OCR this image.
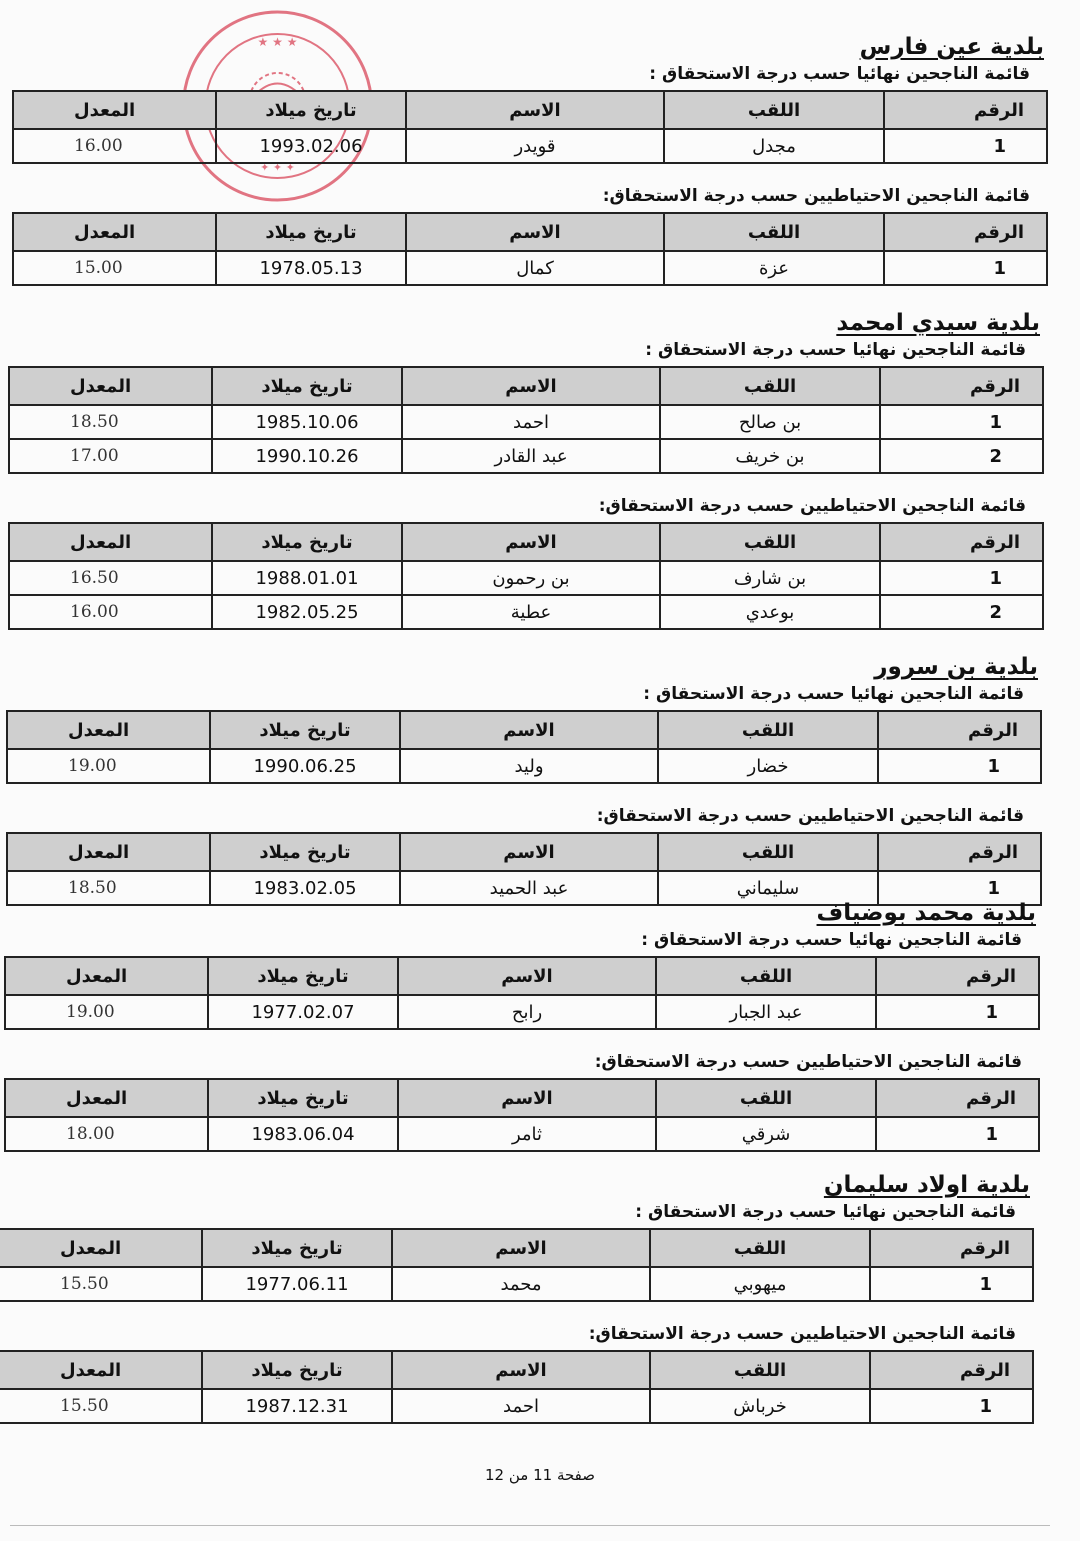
★ ★ ★
✦ ✦ ✦
بلدية عين فارس
قائمة الناجحين نهائيا حسب درجة الاستحقاق :
الرقم	اللقب	الاسم	تاريخ ميلاد	المعدل
1	مجدل	قويدر	1993.02.06	16.00
قائمة الناجحين الاحتياطيين حسب درجة الاستحقاق:
الرقم	اللقب	الاسم	تاريخ ميلاد	المعدل
1	عزة	كمال	1978.05.13	15.00
بلدية سيدي امحمد
قائمة الناجحين نهائيا حسب درجة الاستحقاق :
الرقم	اللقب	الاسم	تاريخ ميلاد	المعدل
1	بن صالح	احمد	1985.10.06	18.50
2	بن خريف	عبد القادر	1990.10.26	17.00
قائمة الناجحين الاحتياطيين حسب درجة الاستحقاق:
الرقم	اللقب	الاسم	تاريخ ميلاد	المعدل
1	بن شارف	بن رحمون	1988.01.01	16.50
2	بوعدي	عطية	1982.05.25	16.00
بلدية بن سرور
قائمة الناجحين نهائيا حسب درجة الاستحقاق :
الرقم	اللقب	الاسم	تاريخ ميلاد	المعدل
1	خضار	وليد	1990.06.25	19.00
قائمة الناجحين الاحتياطيين حسب درجة الاستحقاق:
الرقم	اللقب	الاسم	تاريخ ميلاد	المعدل
1	سليماني	عبد الحميد	1983.02.05	18.50
بلدية محمد بوضياف
قائمة الناجحين نهائيا حسب درجة الاستحقاق :
الرقم	اللقب	الاسم	تاريخ ميلاد	المعدل
1	عبد الجبار	رابح	1977.02.07	19.00
قائمة الناجحين الاحتياطيين حسب درجة الاستحقاق:
الرقم	اللقب	الاسم	تاريخ ميلاد	المعدل
1	شرقي	ثامر	1983.06.04	18.00
بلدية اولاد سليمان
قائمة الناجحين نهائيا حسب درجة الاستحقاق :
الرقم	اللقب	الاسم	تاريخ ميلاد	المعدل
1	ميهوبي	محمد	1977.06.11	15.50
قائمة الناجحين الاحتياطيين حسب درجة الاستحقاق:
الرقم	اللقب	الاسم	تاريخ ميلاد	المعدل
1	خرباش	احمد	1987.12.31	15.50
صفحة 11 من 12
